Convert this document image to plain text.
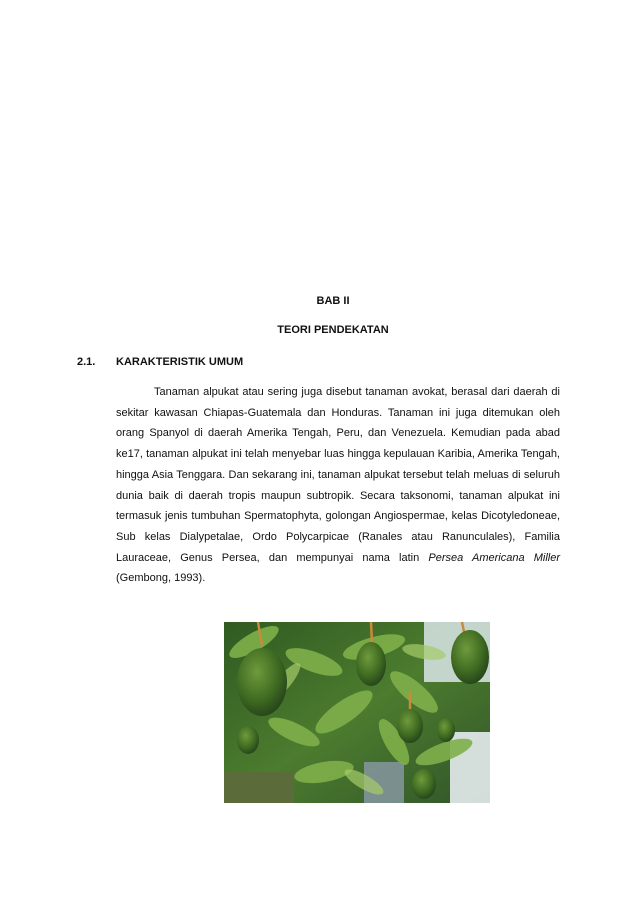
BAB II
TEORI PENDEKATAN
2.1. KARAKTERISTIK UMUM

Tanaman alpukat atau sering juga disebut tanaman avokat, berasal dari daerah di sekitar kawasan Chiapas-Guatemala dan Honduras. Tanaman ini juga ditemukan oleh orang Spanyol di daerah Amerika Tengah, Peru, dan Venezuela. Kemudian pada abad ke17, tanaman alpukat ini telah menyebar luas hingga kepulauan Karibia, Amerika Tengah, hingga Asia Tenggara. Dan sekarang ini, tanaman alpukat tersebut telah meluas di seluruh dunia baik di daerah tropis maupun subtropik. Secara taksonomi, tanaman alpukat ini termasuk jenis tumbuhan Spermatophyta, golongan Angiospermae, kelas Dicotyledoneae, Sub kelas Dialypetalae, Ordo Polycarpicae (Ranales atau Ranunculales), Familia Lauraceae, Genus Persea, dan mempunyai nama latin Persea Americana Miller (Gembong, 1993).
